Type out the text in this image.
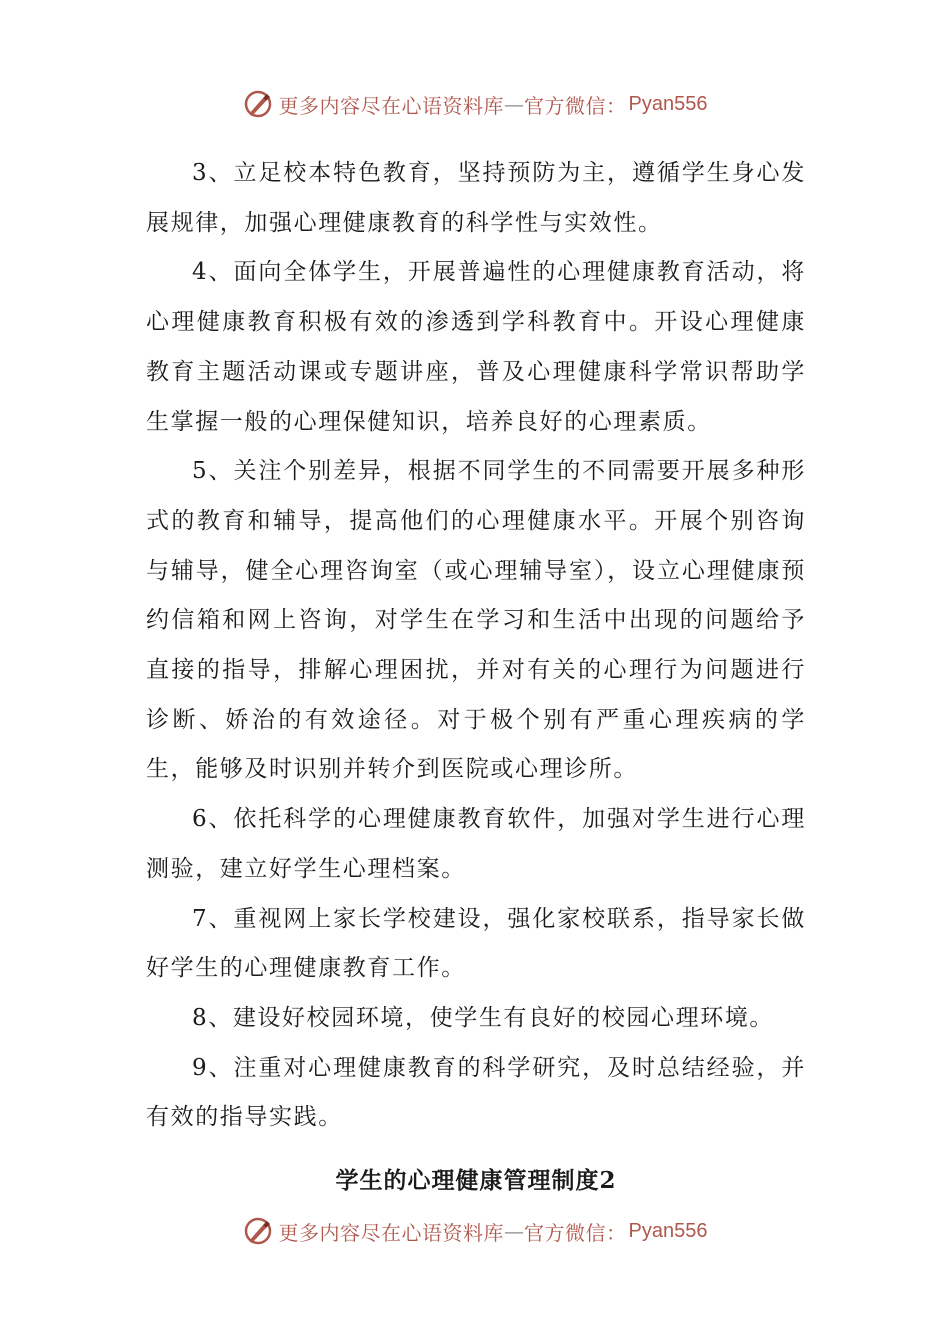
更多内容尽在心语资料库 — 官方微信： Pyan556

3、立足校本特色教育，坚持预防为主，遵循学生身心发展规律，加强心理健康教育的科学性与实效性。

4、面向全体学生，开展普遍性的心理健康教育活动，将心理健康教育积极有效的渗透到学科教育中。开设心理健康教育主题活动课或专题讲座，普及心理健康科学常识帮助学生掌握一般的心理保健知识，培养良好的心理素质。

5、关注个别差异，根据不同学生的不同需要开展多种形式的教育和辅导，提高他们的心理健康水平。开展个别咨询与辅导，健全心理咨询室（或心理辅导室），设立心理健康预约信箱和网上咨询，对学生在学习和生活中出现的问题给予直接的指导，排解心理困扰，并对有关的心理行为问题进行诊断、娇治的有效途径。对于极个别有严重心理疾病的学生，能够及时识别并转介到医院或心理诊所。

6、依托科学的心理健康教育软件，加强对学生进行心理测验，建立好学生心理档案。

7、重视网上家长学校建设，强化家校联系，指导家长做好学生的心理健康教育工作。

8、建设好校园环境，使学生有良好的校园心理环境。

9、注重对心理健康教育的科学研究，及时总结经验，并有效的指导实践。

学生的心理健康管理制度2
更多内容尽在心语资料库 — 官方微信： Pyan556
